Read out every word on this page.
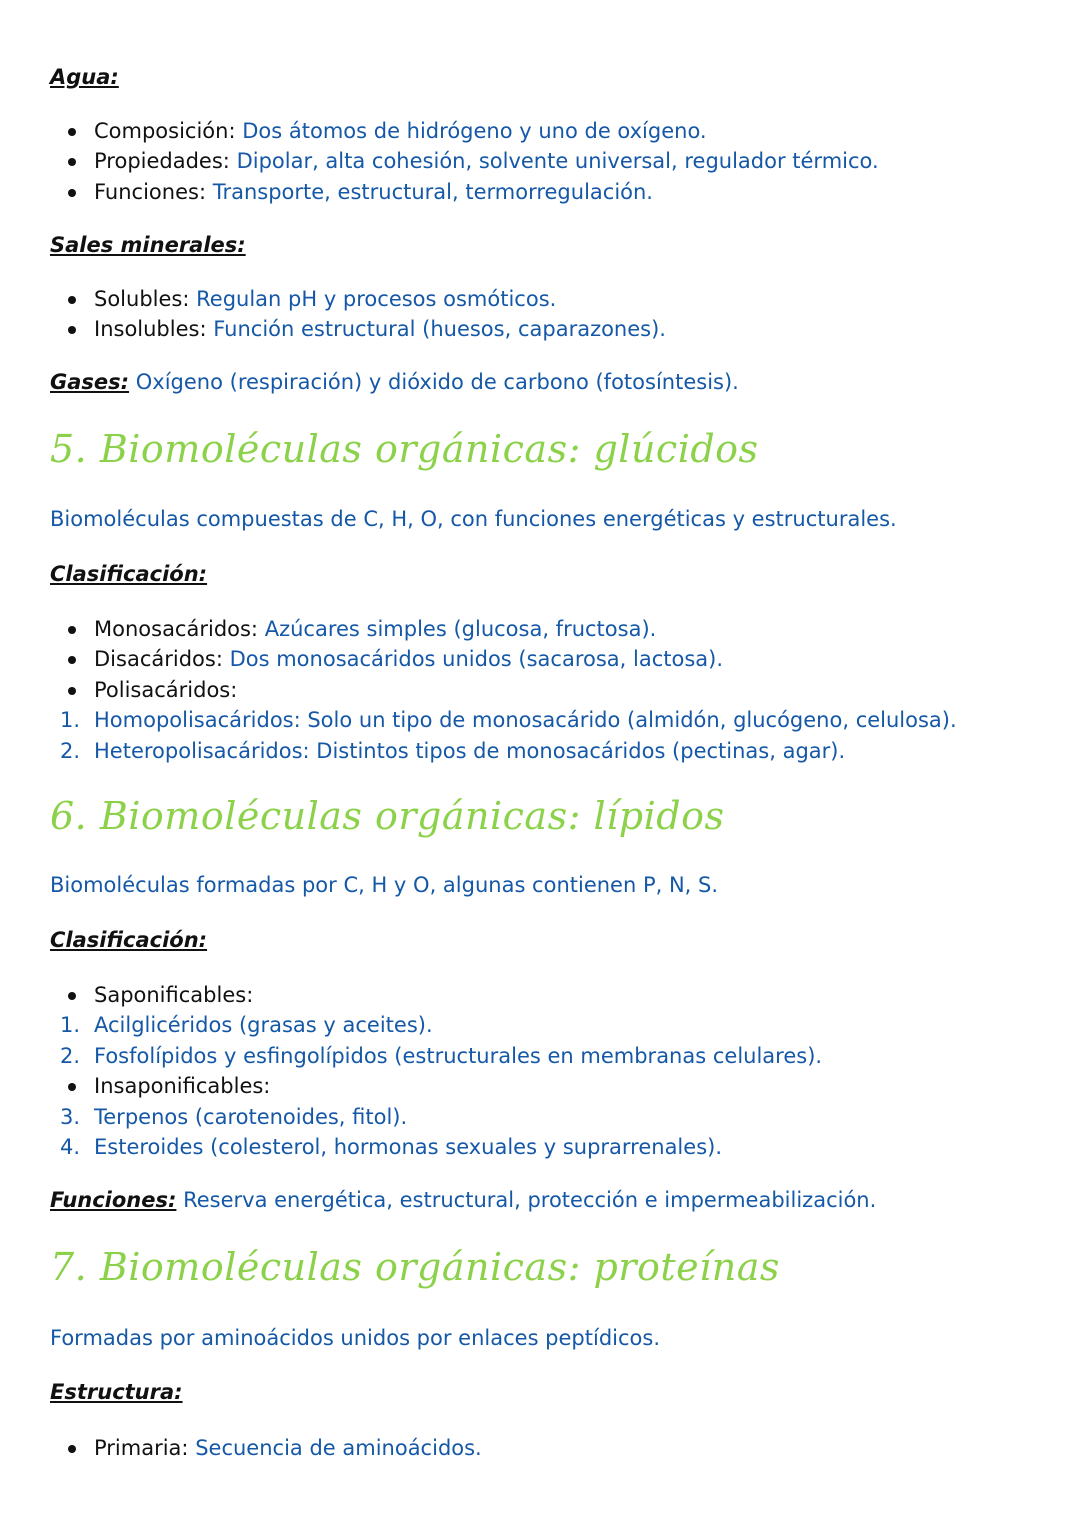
Agua:
Composición: Dos átomos de hidrógeno y uno de oxígeno.
Propiedades: Dipolar, alta cohesión, solvente universal, regulador térmico.
Funciones: Transporte, estructural, termorregulación.
Sales minerales:
Solubles: Regulan pH y procesos osmóticos.
Insolubles: Función estructural (huesos, caparazones).
Gases: Oxígeno (respiración) y dióxido de carbono (fotosíntesis).
5. Biomoléculas orgánicas: glúcidos
Biomoléculas compuestas de C, H, O, con funciones energéticas y estructurales.
Clasificación:
Monosacáridos: Azúcares simples (glucosa, fructosa).
Disacáridos: Dos monosacáridos unidos (sacarosa, lactosa).
Polisacáridos:
1. Homopolisacáridos: Solo un tipo de monosacárido (almidón, glucógeno, celulosa).
2. Heteropolisacáridos: Distintos tipos de monosacáridos (pectinas, agar).
6. Biomoléculas orgánicas: lípidos
Biomoléculas formadas por C, H y O, algunas contienen P, N, S.
Clasificación:
Saponificables:
1. Acilglicéridos (grasas y aceites).
2. Fosfolípidos y esfingolípidos (estructurales en membranas celulares).
Insaponificables:
3. Terpenos (carotenoides, fitol).
4. Esteroides (colesterol, hormonas sexuales y suprarrenales).
Funciones: Reserva energética, estructural, protección e impermeabilización.
7. Biomoléculas orgánicas: proteínas
Formadas por aminoácidos unidos por enlaces peptídicos.
Estructura:
Primaria: Secuencia de aminoácidos.
